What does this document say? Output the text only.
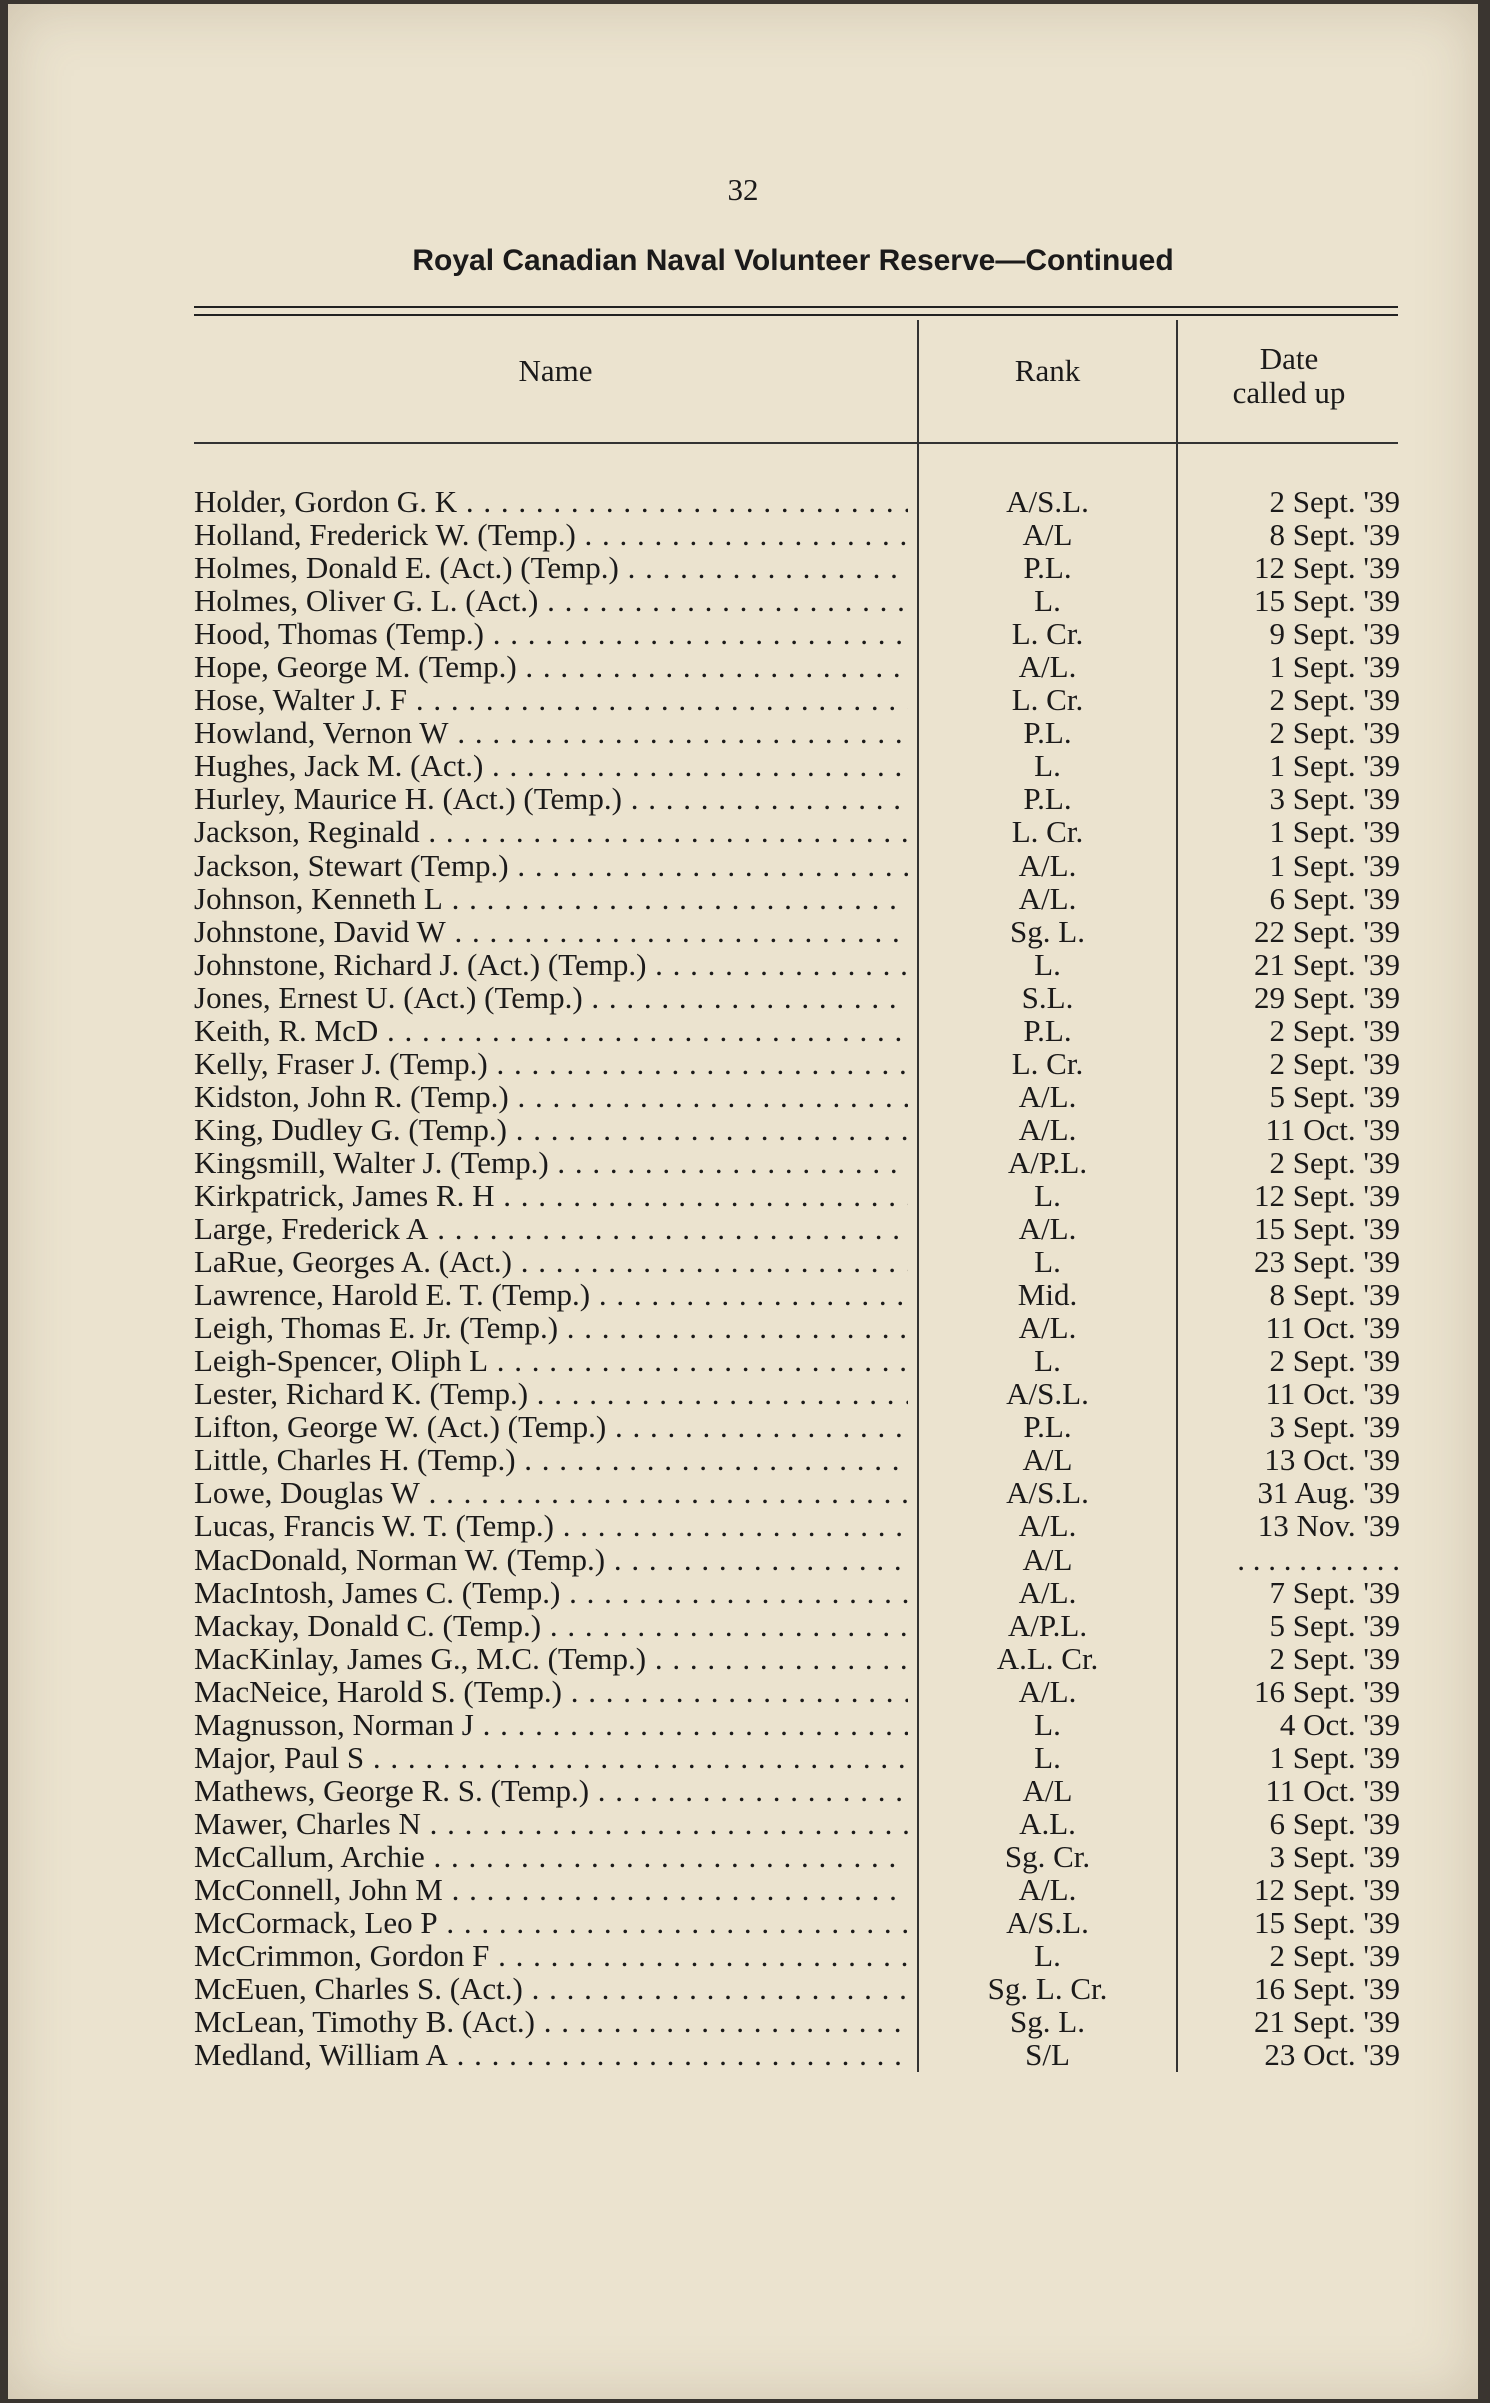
32
Royal Canadian Naval Volunteer Reserve—Continued
Name	Rank	Date
called up
Holder, Gordon G. K . . .	A/S.L.	2 Sept. '39
Holland, Frederick W. (Temp.) . . .	A/L	8 Sept. '39
Holmes, Donald E. (Act.) (Temp.) . . .	P.L.	12 Sept. '39
Holmes, Oliver G. L. (Act.) . . .	L.	15 Sept. '39
Hood, Thomas (Temp.) . . .	L. Cr.	9 Sept. '39
Hope, George M. (Temp.) . . .	A/L.	1 Sept. '39
Hose, Walter J. F . . .	L. Cr.	2 Sept. '39
Howland, Vernon W . . .	P.L.	2 Sept. '39
Hughes, Jack M. (Act.) . . .	L.	1 Sept. '39
Hurley, Maurice H. (Act.) (Temp.) . . .	P.L.	3 Sept. '39
Jackson, Reginald . . .	L. Cr.	1 Sept. '39
Jackson, Stewart (Temp.) . . .	A/L.	1 Sept. '39
Johnson, Kenneth L . . .	A/L.	6 Sept. '39
Johnstone, David W . . .	Sg. L.	22 Sept. '39
Johnstone, Richard J. (Act.) (Temp.) . . .	L.	21 Sept. '39
Jones, Ernest U. (Act.) (Temp.) . . .	S.L.	29 Sept. '39
Keith, R. McD . . .	P.L.	2 Sept. '39
Kelly, Fraser J. (Temp.) . . .	L. Cr.	2 Sept. '39
Kidston, John R. (Temp.) . . .	A/L.	5 Sept. '39
King, Dudley G. (Temp.) . . .	A/L.	11 Oct. '39
Kingsmill, Walter J. (Temp.) . . .	A/P.L.	2 Sept. '39
Kirkpatrick, James R. H . . .	L.	12 Sept. '39
Large, Frederick A . . .	A/L.	15 Sept. '39
LaRue, Georges A. (Act.) . . .	L.	23 Sept. '39
Lawrence, Harold E. T. (Temp.) . . .	Mid.	8 Sept. '39
Leigh, Thomas E. Jr. (Temp.) . . .	A/L.	11 Oct. '39
Leigh-Spencer, Oliph L . . .	L.	2 Sept. '39
Lester, Richard K. (Temp.) . . .	A/S.L.	11 Oct. '39
Lifton, George W. (Act.) (Temp.) . . .	P.L.	3 Sept. '39
Little, Charles H. (Temp.) . . .	A/L	13 Oct. '39
Lowe, Douglas W . . .	A/S.L.	31 Aug. '39
Lucas, Francis W. T. (Temp.) . . .	A/L.	13 Nov. '39
MacDonald, Norman W. (Temp.) . . .	A/L	. . . . . . . . . . .
MacIntosh, James C. (Temp.) . . .	A/L.	7 Sept. '39
Mackay, Donald C. (Temp.) . . .	A/P.L.	5 Sept. '39
MacKinlay, James G., M.C. (Temp.) . . .	A.L. Cr.	2 Sept. '39
MacNeice, Harold S. (Temp.) . . .	A/L.	16 Sept. '39
Magnusson, Norman J . . .	L.	4 Oct. '39
Major, Paul S . . .	L.	1 Sept. '39
Mathews, George R. S. (Temp.) . . .	A/L	11 Oct. '39
Mawer, Charles N . . .	A.L.	6 Sept. '39
McCallum, Archie . . .	Sg. Cr.	3 Sept. '39
McConnell, John M . . .	A/L.	12 Sept. '39
McCormack, Leo P . . .	A/S.L.	15 Sept. '39
McCrimmon, Gordon F . . .	L.	2 Sept. '39
McEuen, Charles S. (Act.) . . .	Sg. L. Cr.	16 Sept. '39
McLean, Timothy B. (Act.) . . .	Sg. L.	21 Sept. '39
Medland, William A . . .	S/L	23 Oct. '39
